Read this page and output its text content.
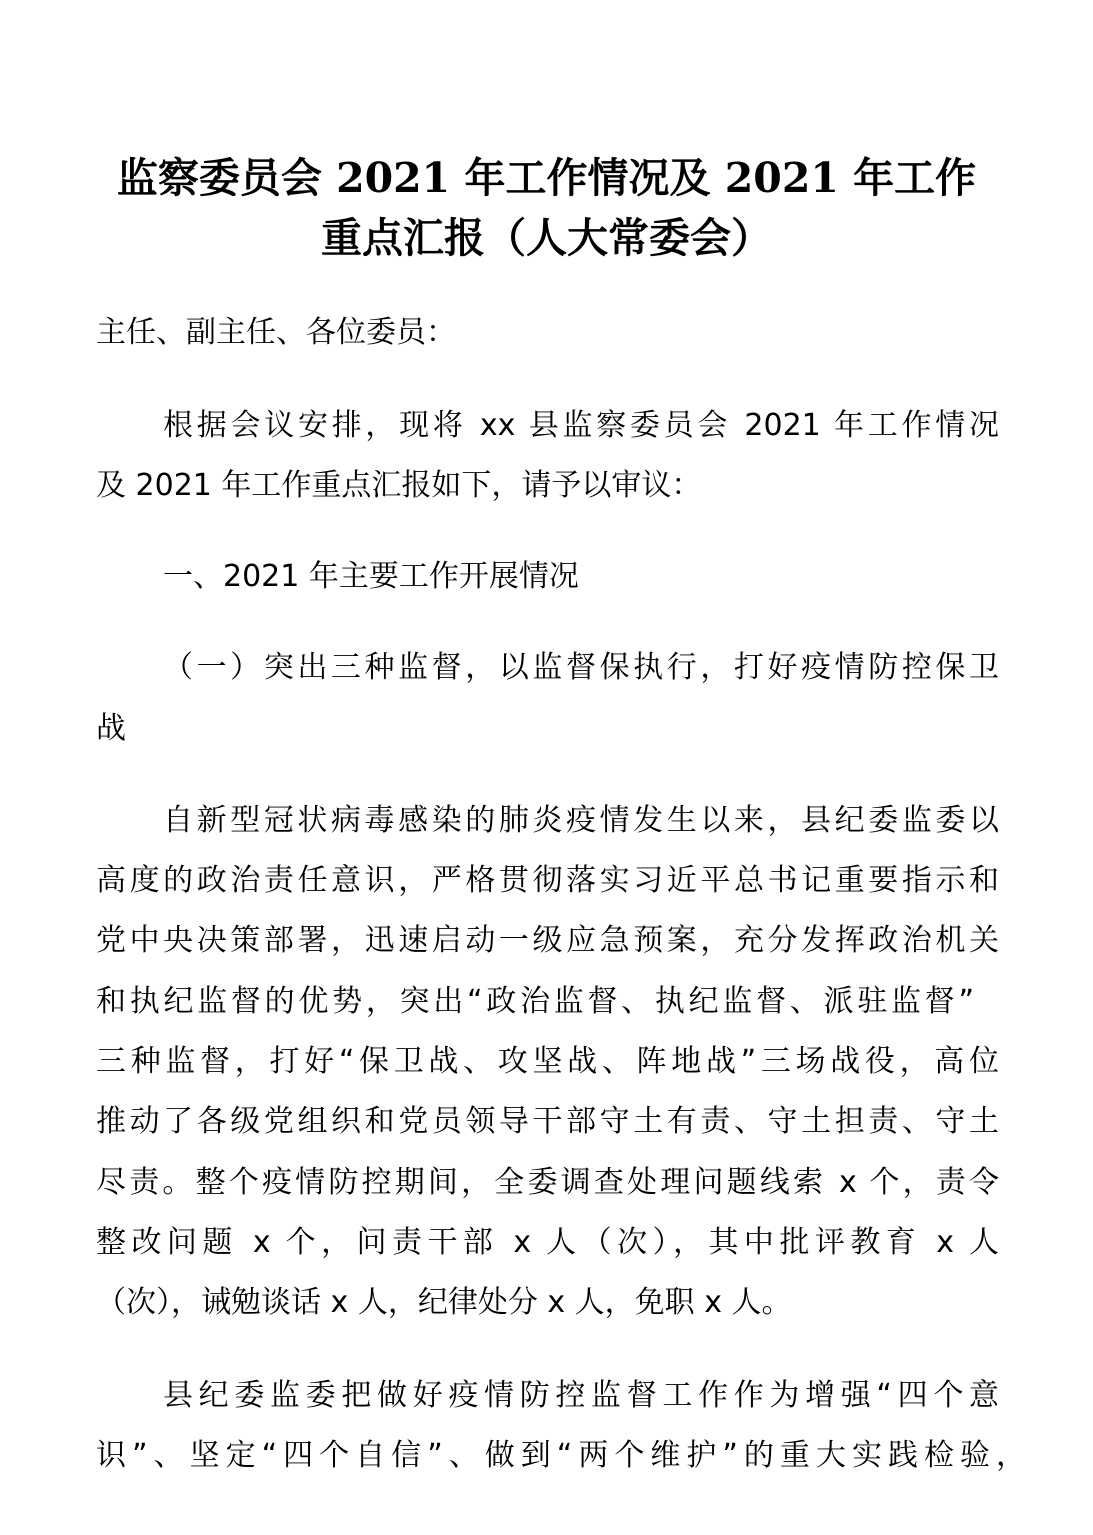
监察委员会 2021 年工作情况及 2021 年工作
重点汇报（人大常委会）
主任、副主任、各位委员：
根据会议安排，现将 xx 县监察委员会 2021 年工作情况
及 2021 年工作重点汇报如下，请予以审议：
一、2021 年主要工作开展情况
（一）突出三种监督，以监督保执行，打好疫情防控保卫
战
自新型冠状病毒感染的肺炎疫情发生以来，县纪委监委以
高度的政治责任意识，严格贯彻落实习近平总书记重要指示和
党中央决策部署，迅速启动一级应急预案，充分发挥政治机关
和执纪监督的优势，突出“政治监督、执纪监督、派驻监督”
三种监督，打好“保卫战、攻坚战、阵地战”三场战役，高位
推动了各级党组织和党员领导干部守土有责、守土担责、守土
尽责。整个疫情防控期间，全委调查处理问题线索 x 个，责令
整改问题 x 个，问责干部 x 人（次），其中批评教育 x 人
（次），诫勉谈话 x 人，纪律处分 x 人，免职 x 人。
县纪委监委把做好疫情防控监督工作作为增强“四个意
识”、坚定“四个自信”、做到“两个维护”的重大实践检验，
